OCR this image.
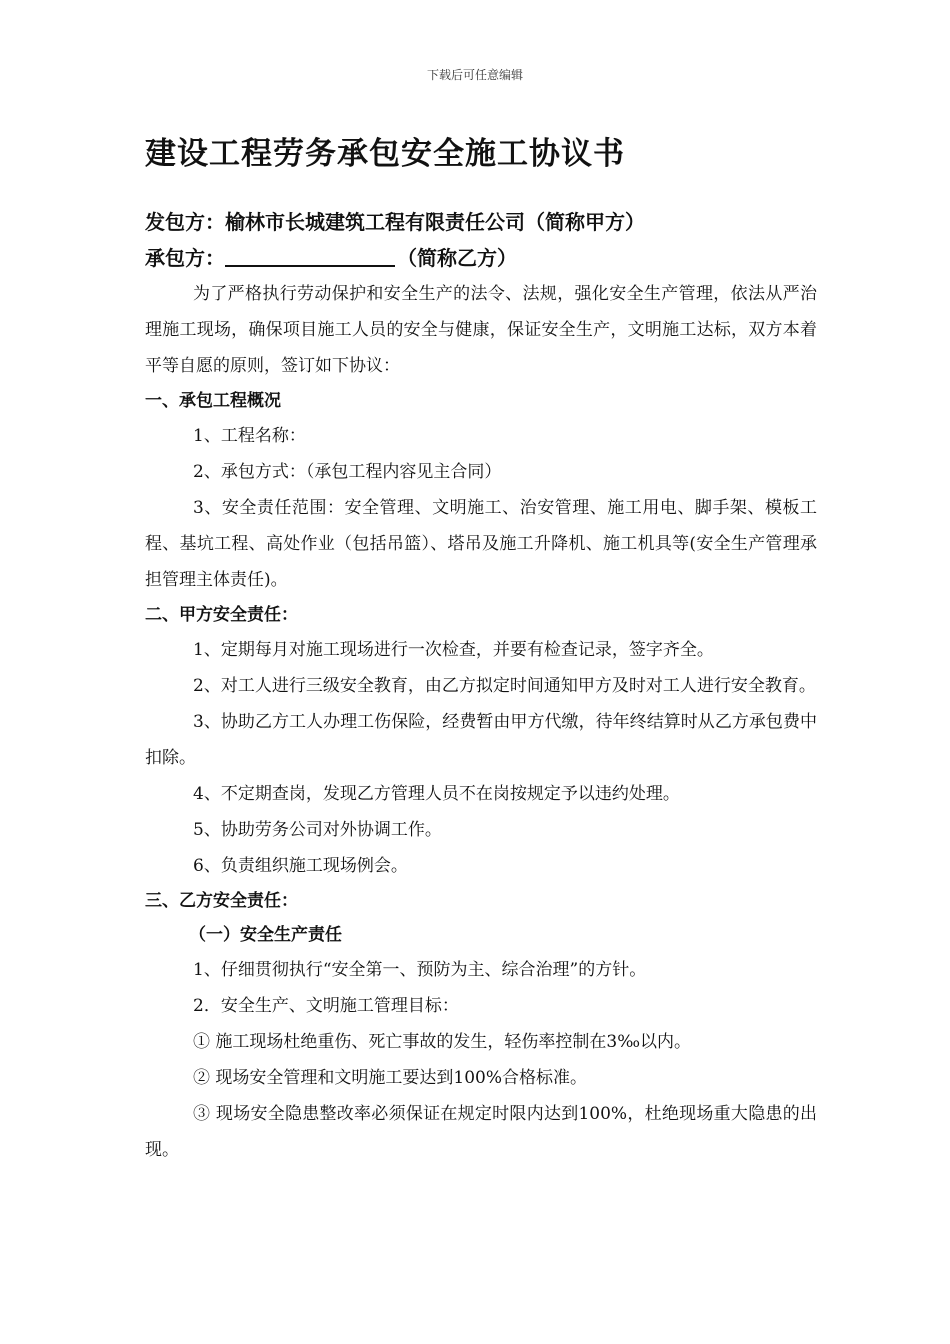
下载后可任意编辑
建设工程劳务承包安全施工协议书
发包方：榆林市长城建筑工程有限责任公司（简称甲方）
承包方：	（简称乙方）

为了严格执行劳动保护和安全生产的法令、法规，强化安全生产管理，依法从严治理施工现场，确保项目施工人员的安全与健康，保证安全生产，文明施工达标，双方本着平等自愿的原则，签订如下协议：

一、承包工程概况

1、工程名称：

2、承包方式：（承包工程内容见主合同）

3、安全责任范围：安全管理、文明施工、治安管理、施工用电、脚手架、模板工程、基坑工程、高处作业（包括吊篮）、塔吊及施工升降机、施工机具等(安全生产管理承担管理主体责任)。

二、甲方安全责任：

1、定期每月对施工现场进行一次检查，并要有检查记录，签字齐全。

2、对工人进行三级安全教育，由乙方拟定时间通知甲方及时对工人进行安全教育。

3、协助乙方工人办理工伤保险，经费暂由甲方代缴，待年终结算时从乙方承包费中扣除。

4、不定期查岗，发现乙方管理人员不在岗按规定予以违约处理。

5、协助劳务公司对外协调工作。

6、负责组织施工现场例会。

三、乙方安全责任：

（一）安全生产责任

1、仔细贯彻执行“安全第一、预防为主、综合治理”的方针。

2．安全生产、文明施工管理目标：

① 施工现场杜绝重伤、死亡事故的发生，轻伤率控制在3‰以内。

② 现场安全管理和文明施工要达到100%合格标准。

③ 现场安全隐患整改率必须保证在规定时限内达到100%，杜绝现场重大隐患的出现。
